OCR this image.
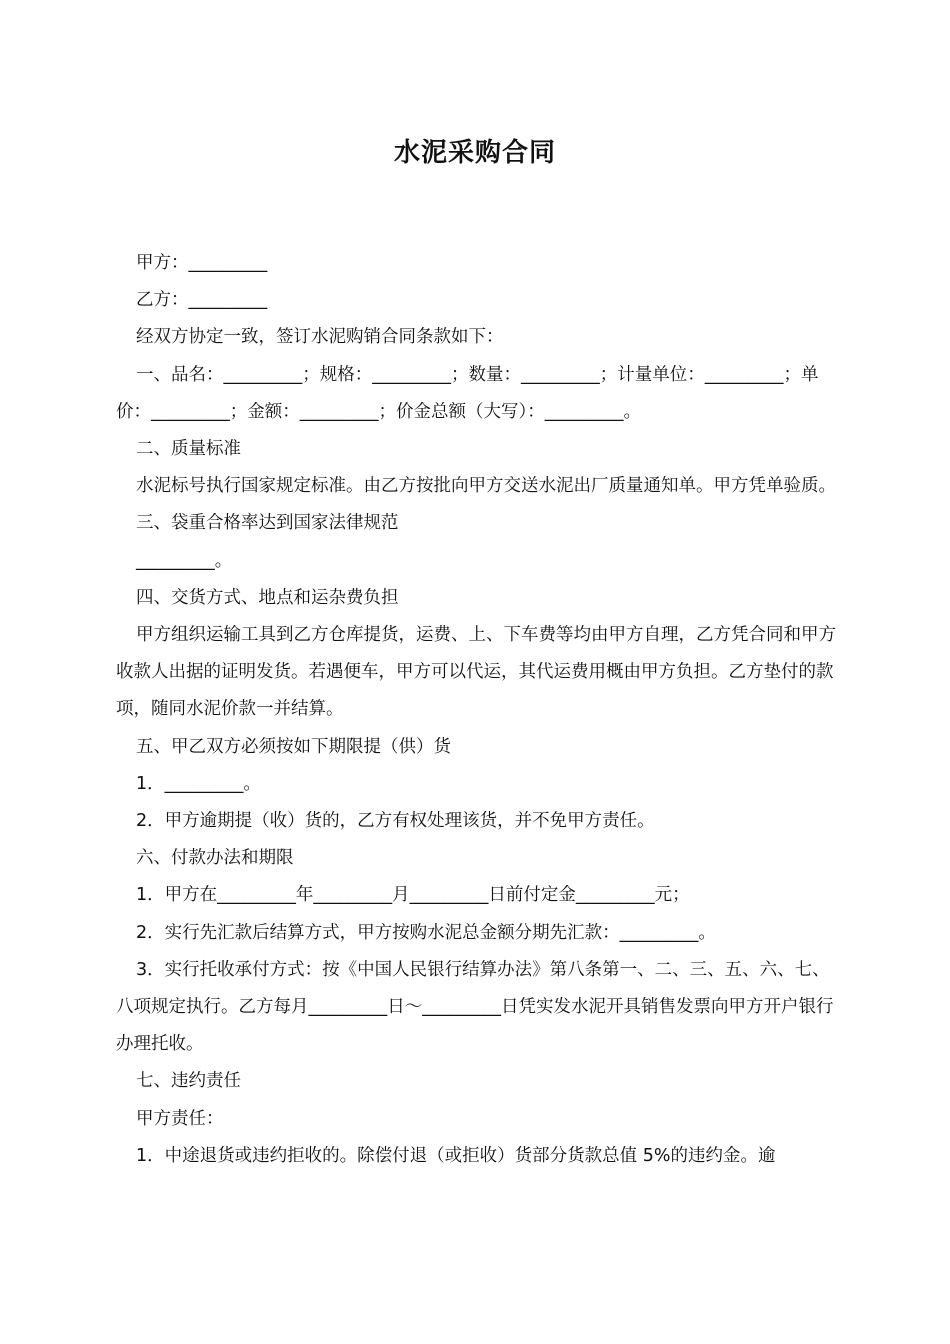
水泥采购合同

甲方：_________

乙方：_________

经双方协定一致，签订水泥购销合同条款如下：

一、品名：_________；规格：_________；数量：_________；计量单位：_________；单价：_________；金额：_________；价金总额（大写）：_________。

二、质量标准

水泥标号执行国家规定标准。由乙方按批向甲方交送水泥出厂质量通知单。甲方凭单验质。

三、袋重合格率达到国家法律规范

_________。

四、交货方式、地点和运杂费负担

甲方组织运输工具到乙方仓库提货，运费、上、下车费等均由甲方自理，乙方凭合同和甲方收款人出据的证明发货。若遇便车，甲方可以代运，其代运费用概由甲方负担。乙方垫付的款项，随同水泥价款一并结算。

五、甲乙双方必须按如下期限提（供）货

1．_________。

2．甲方逾期提（收）货的，乙方有权处理该货，并不免甲方责任。

六、付款办法和期限

1．甲方在_________年_________月_________日前付定金_________元；

2．实行先汇款后结算方式，甲方按购水泥总金额分期先汇款：_________。

3．实行托收承付方式：按《中国人民银行结算办法》第八条第一、二、三、五、六、七、八项规定执行。乙方每月_________日～_________日凭实发水泥开具销售发票向甲方开户银行办理托收。

七、违约责任

甲方责任：

1．中途退货或违约拒收的。除偿付退（或拒收）货部分货款总值 5%的违约金。逾
